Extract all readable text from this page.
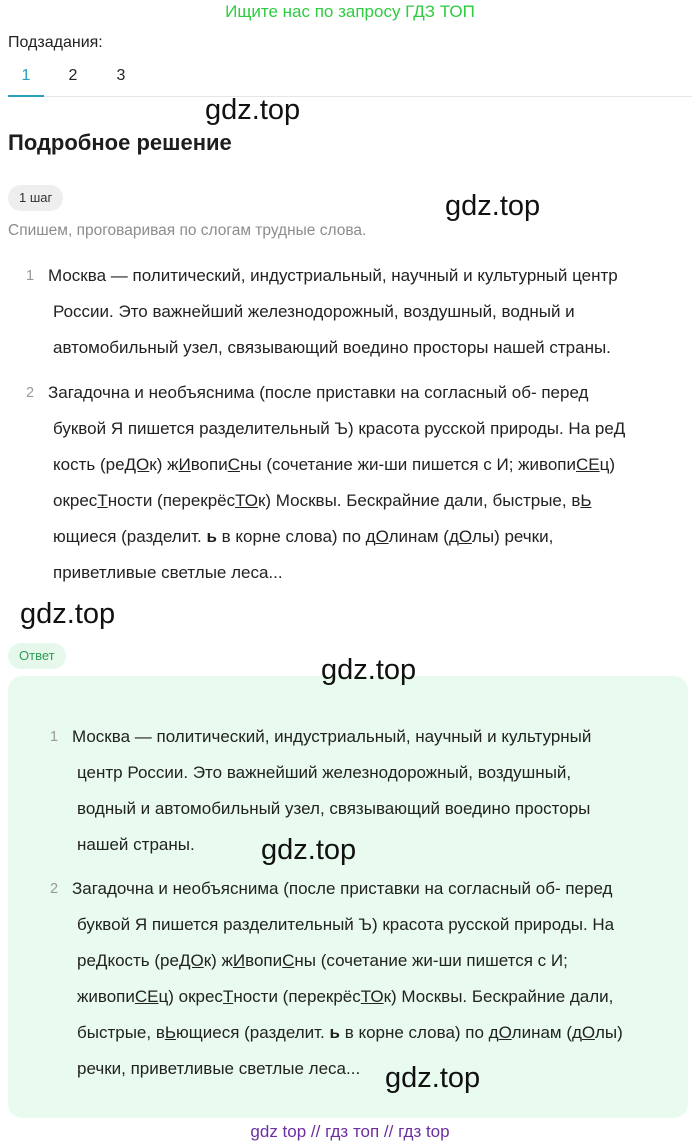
Ищите нас по запросу ГДЗ ТОП
Подзадания:
1	2	3
Подробное решение
1 шаг
Спишем, проговаривая по слогам трудные слова.
1 Москва — политический, индустриальный, научный и культурный центр
России. Это важнейший железнодорожный, воздушный, водный и
автомобильный узел, связывающий воедино просторы нашей страны.
2 Загадочна и необъяснима (после приставки на согласный об- перед
буквой Я пишется разделительный Ъ) красота русской природы. На реД
кость (реДОк) жИвопиСны (сочетание жи-ши пишется с И; живопиСЕц)
окресТности (перекрёсТОк) Москвы. Бескрайние дали, быстрые, вЬ
ющиеся (разделит. ь в корне слова) по дОлинам (дОлы) речки,
приветливые светлые леса...
Ответ
1 Москва — политический, индустриальный, научный и культурный
центр России. Это важнейший железнодорожный, воздушный,
водный и автомобильный узел, связывающий воедино просторы
нашей страны.
2 Загадочна и необъяснима (после приставки на согласный об- перед
буквой Я пишется разделительный Ъ) красота русской природы. На
реДкость (реДОк) жИвопиСны (сочетание жи-ши пишется с И;
живопиСЕц) окресТности (перекрёсТОк) Москвы. Бескрайние дали,
быстрые, вЬющиеся (разделит. ь в корне слова) по дОлинам (дОлы)
речки, приветливые светлые леса...
gdz.top
gdz.top
gdz.top
gdz.top
gdz.top
gdz.top
gdz top // гдз топ // гдз top
